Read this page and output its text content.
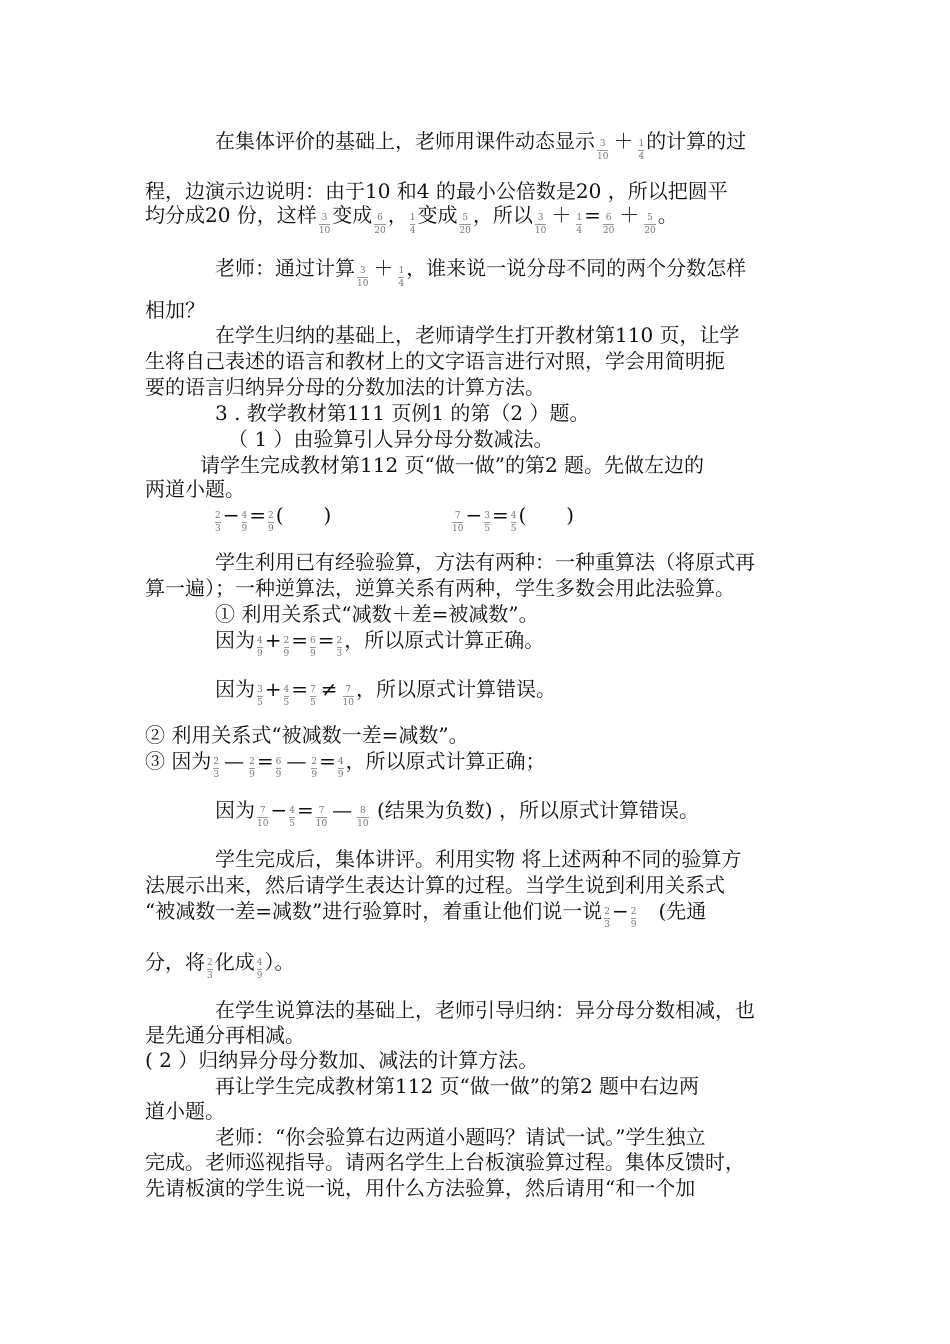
在集体评价的基础上，老师用课件动态显示 $\frac{3}{10} + \frac{1}{4}$ 的计算的过
程，边演示边说明：由于10 和4 的最小公倍数是20 ，所以把圆平
均分成20 份，这样 $\frac{3}{10}$ 变成 $\frac{6}{20}$ ， $\frac{1}{4}$ 变成 $\frac{5}{20}$ ，所以 $\frac{3}{10} + \frac{1}{4} = \frac{6}{20} + \frac{5}{20}$ 。
老师：通过计算 $\frac{3}{10} + \frac{1}{4}$ ，谁来说一说分母不同的两个分数怎样
相加？
在学生归纳的基础上，老师请学生打开教材第110 页，让学
生将自己表述的语言和教材上的文字语言进行对照，学会用简明扼
要的语言归纳异分母的分数加法的计算方法。
3 . 教学教材第111 页例1 的第（2 ）题。
（ 1 ）由验算引人异分母分数减法。
请学生完成教材第112 页“做一做”的第2 题。先做左边的
两道小题。
$\frac{2}{3} - \frac{4}{9} = \frac{2}{9}$ (　　)	$\frac{7}{10} - \frac{3}{5} = \frac{4}{5}$ (　　)
学生利用已有经验验算，方法有两种：一种重算法（将原式再
算一遍）；一种逆算法，逆算关系有两种，学生多数会用此法验算。
① 利用关系式“减数＋差=被减数”。
因为 $\frac{4}{9} + \frac{2}{9} = \frac{6}{9} = \frac{2}{3}$ ，所以原式计算正确。
因为 $\frac{3}{5} + \frac{4}{5} = \frac{7}{5} \ne \frac{7}{10}$ ，所以原式计算错误。
② 利用关系式“被减数一差=减数”。
③ 因为 $\frac{2}{3}$ — $\frac{2}{9} = \frac{6}{9}$ — $\frac{2}{9} = \frac{4}{9}$ ，所以原式计算正确；
因为 $\frac{7}{10} - \frac{4}{5} = \frac{7}{10}$ — $\frac{8}{10}$ (结果为负数) ，所以原式计算错误。
学生完成后，集体讲评。利用实物 将上述两种不同的验算方
法展示出来，然后请学生表达计算的过程。当学生说到利用关系式
“被减数一差=减数”进行验算时，着重让他们说一说 $\frac{2}{3} - \frac{2}{9}$ 　(先通
分，将 $\frac{2}{3}$ 化成 $\frac{4}{9}$ ）。
在学生说算法的基础上，老师引导归纳：异分母分数相减，也
是先通分再相减。
( 2 ）归纳异分母分数加、减法的计算方法。
再让学生完成教材第112 页“做一做”的第2 题中右边两
道小题。
老师：“你会验算右边两道小题吗？请试一试。”学生独立
完成。老师巡视指导。请两名学生上台板演验算过程。集体反馈时，
先请板演的学生说一说，用什么方法验算，然后请用“和一个加
